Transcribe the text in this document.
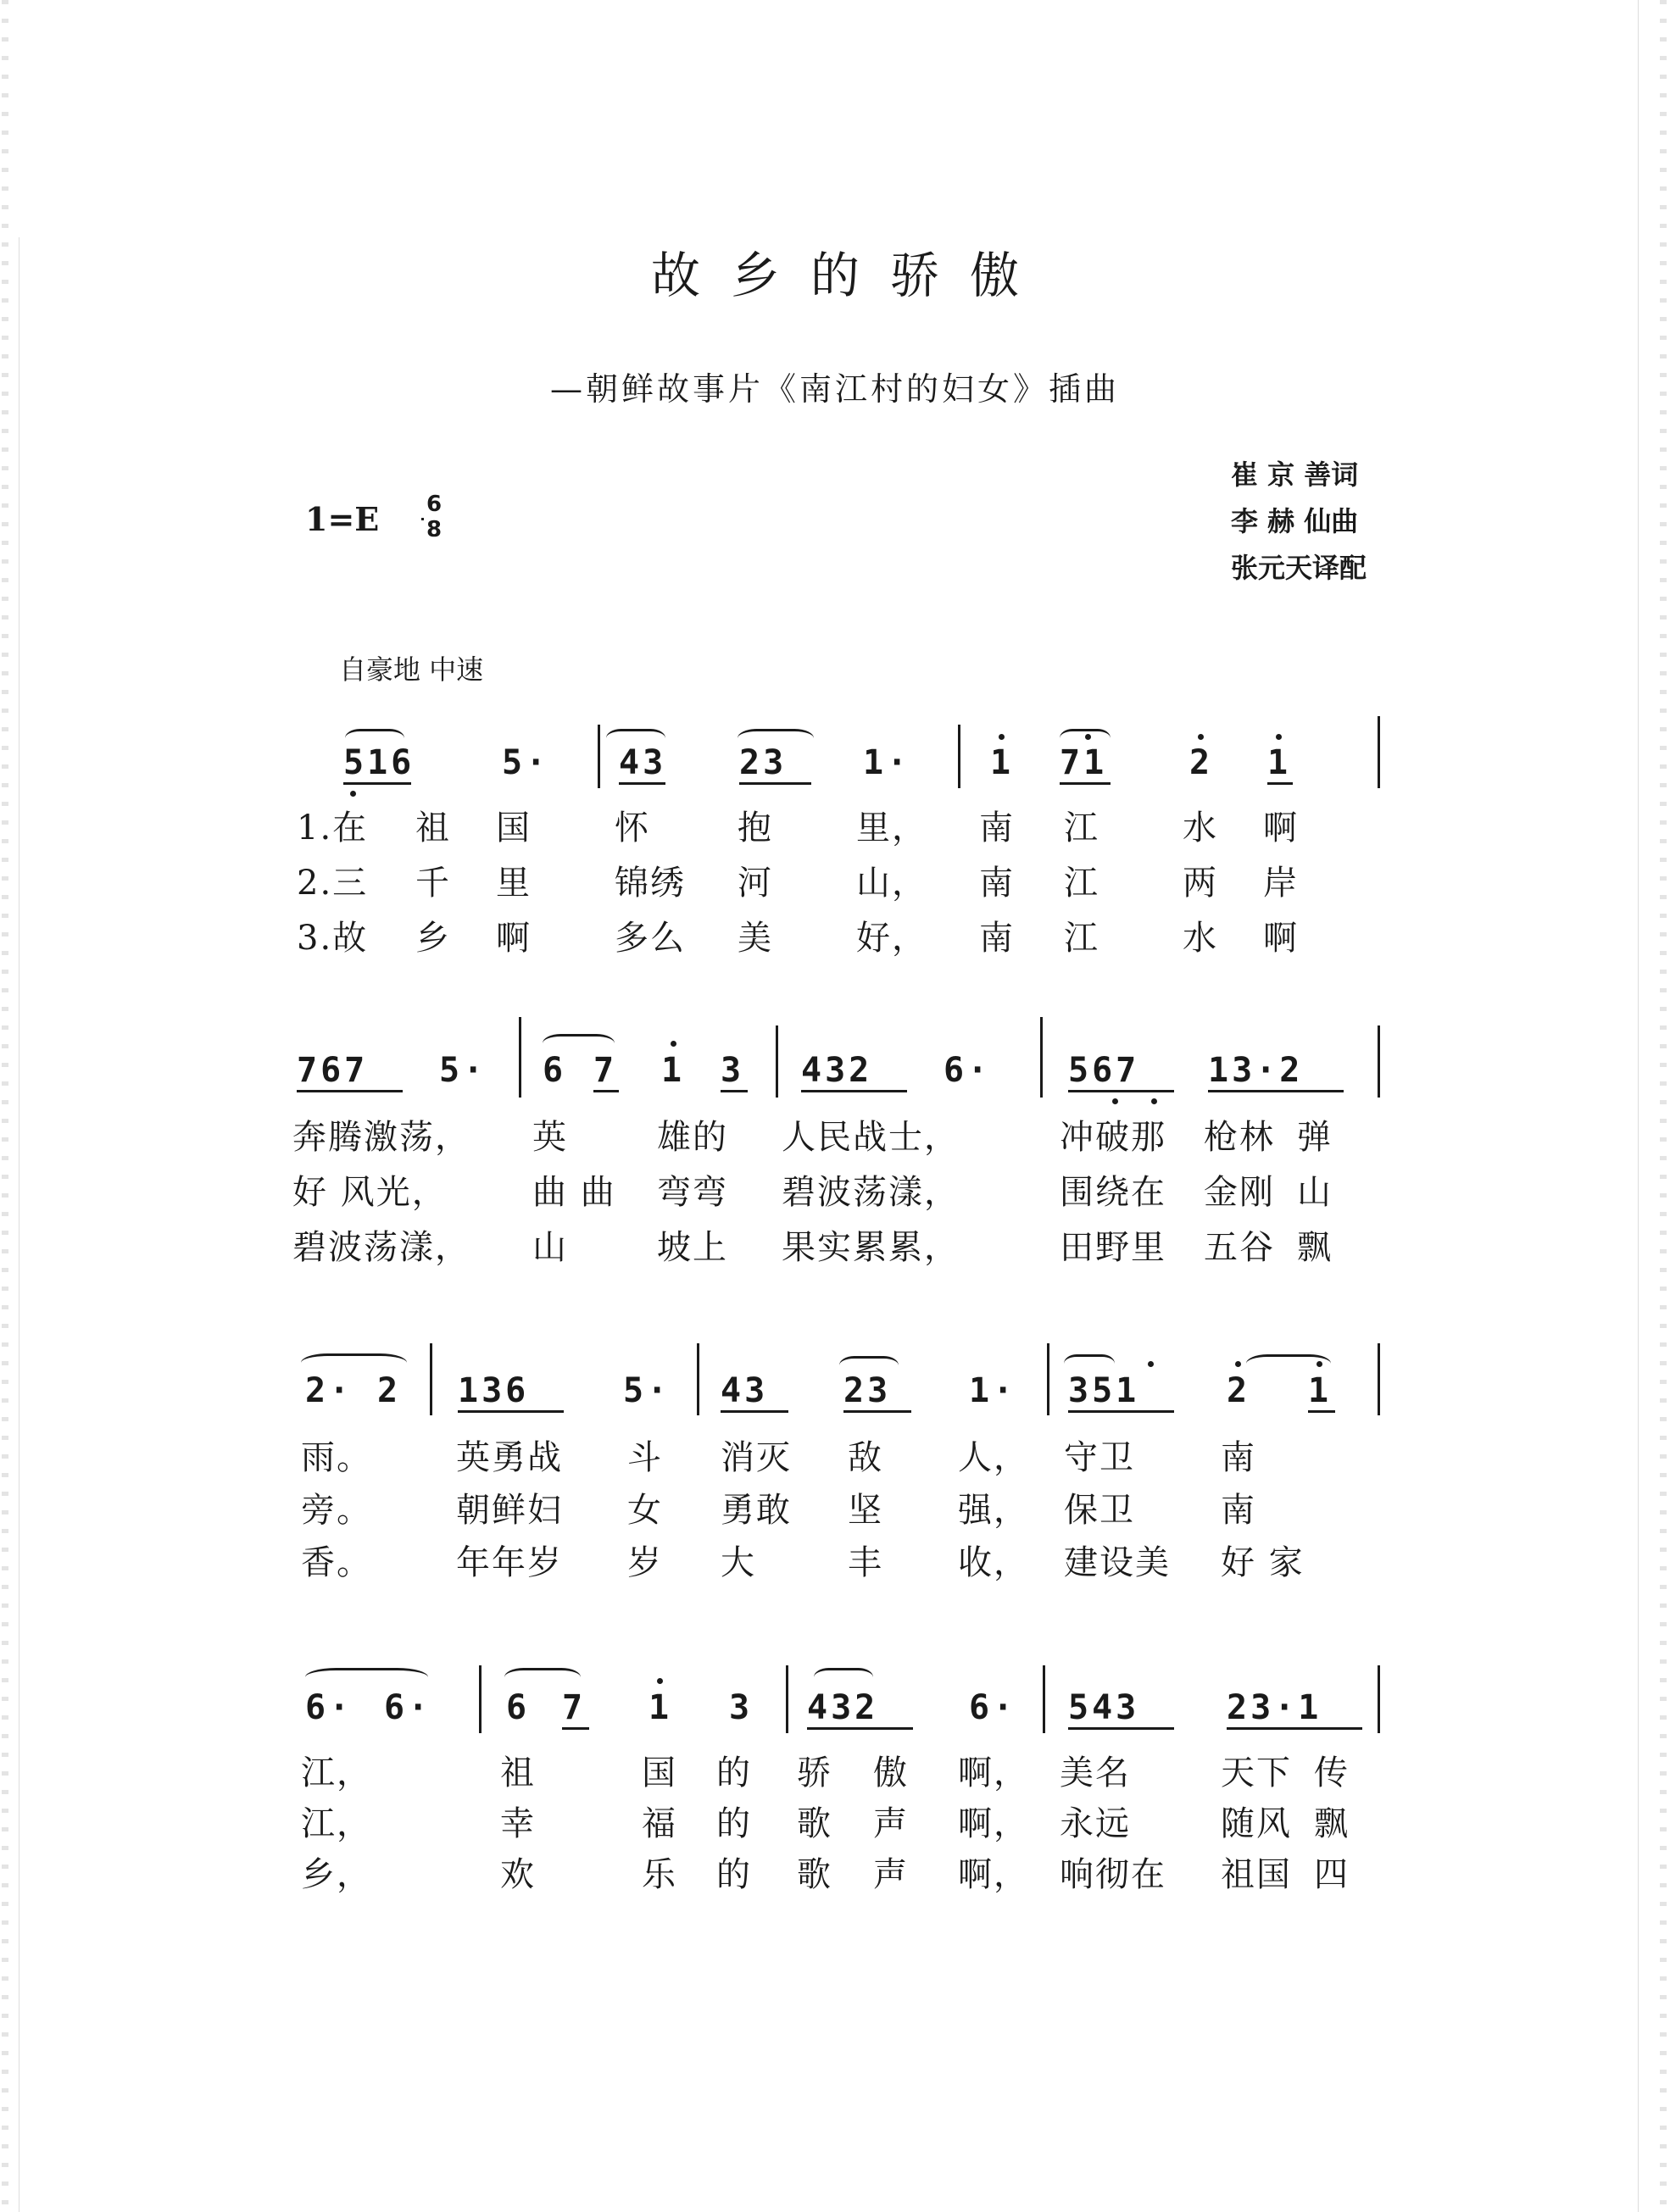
故乡的骄傲
—朝鲜故事片《南江村的妇女》插曲
崔 京 善词
李 赫 仙曲
张元天译配
1=E 6
8
自豪地 中速
516	5· 43 23 1· 1 71 2 1
1.在 祖 国 怀	抱 里， 南 江 水 啊
2.三 千 里 锦绣 河 山， 南 江 两 岸
3.故 乡 啊 多么 美 好， 南 江 水 啊
767 5· 6 7 1 3 432 6· 567 13·2
奔腾激荡， 英	雄的 人民战士，	冲破那 枪林 弹
好 风光，	曲 曲 弯弯 碧波荡漾，	围绕在 金刚 山
碧波荡漾， 山	坡上 果实累累，	田野里 五谷 飘
2· 2 136	5· 43 23 1· 351	2 1
雨。 英勇战 斗 消灭 敌 人， 守卫	南
旁。 朝鲜妇 女 勇敢 坚 强， 保卫	南
香。 年年岁 岁 大	丰 收， 建设美 好 家
6· 6· 6 7 1 3 432	6· 543	23·1
江，	祖	国 的 骄 傲 啊， 美名	天下 传
江，	幸	福 的 歌 声 啊， 永远	随风 飘
乡，	欢	乐 的 歌 声 啊， 响彻在 祖国 四
